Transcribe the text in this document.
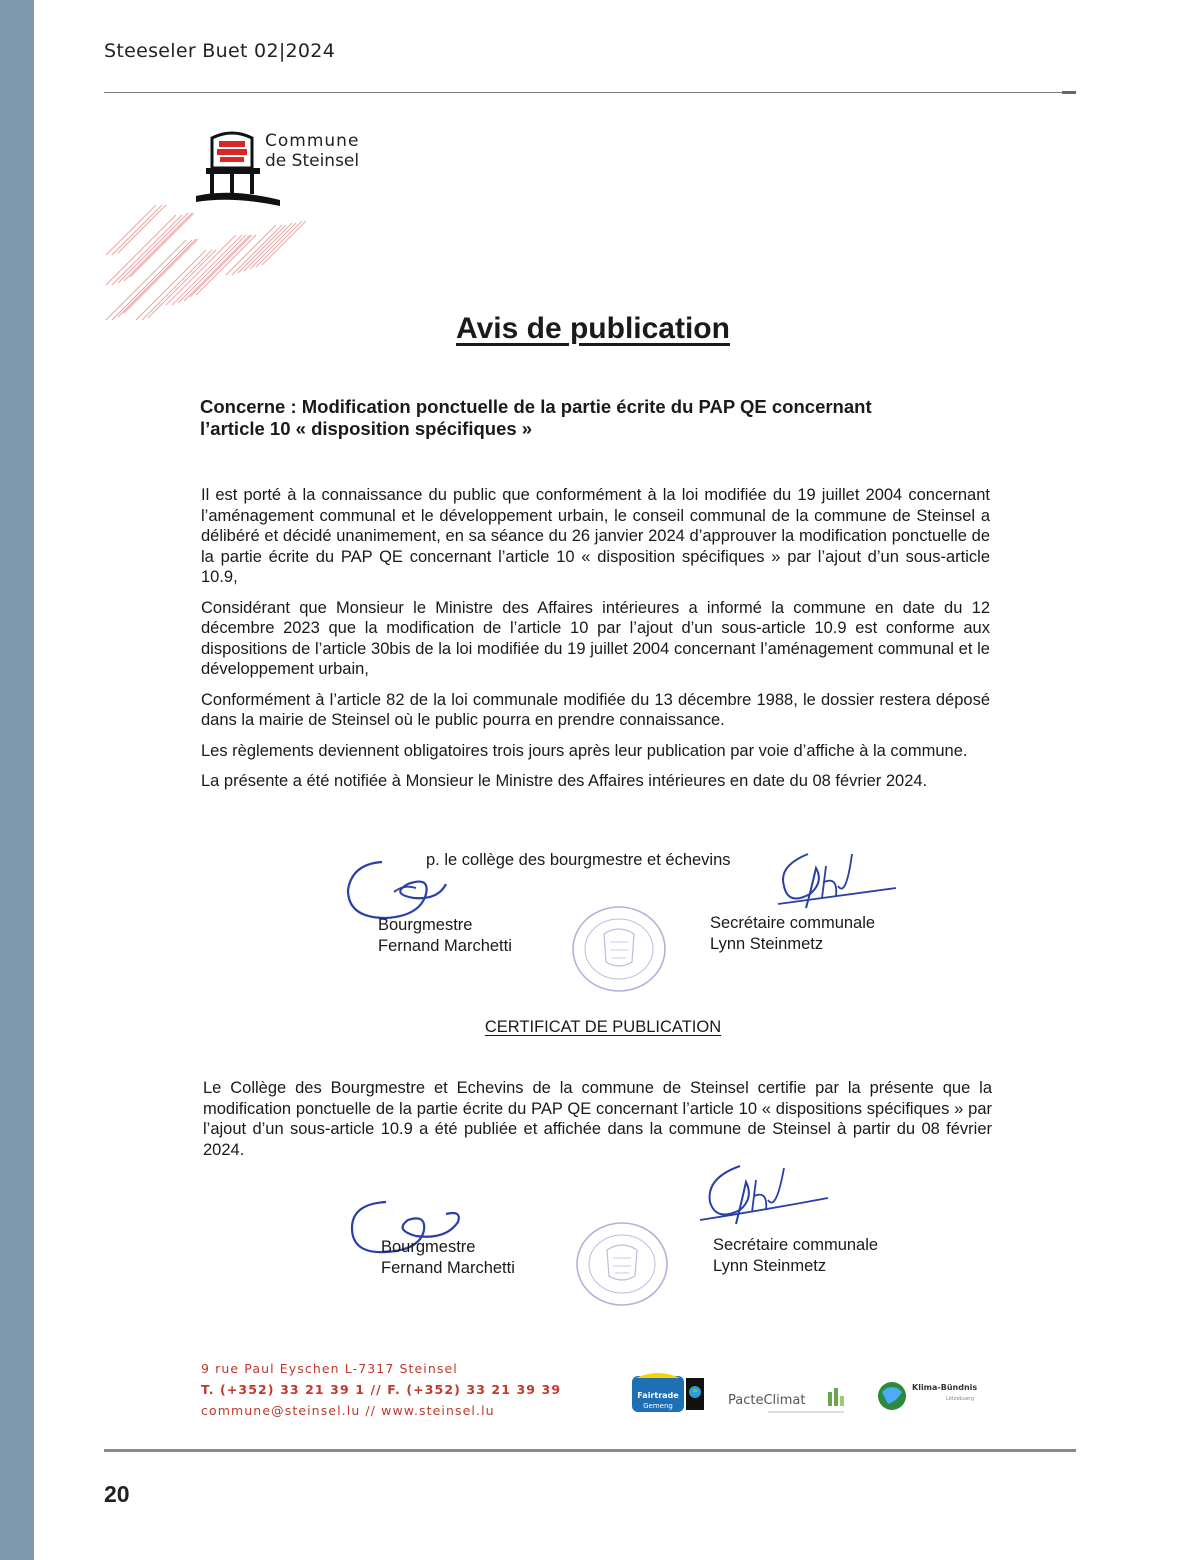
Steeseler Buet 02|2024
Commune
de Steinsel
Avis de publication
Concerne : Modification ponctuelle de la partie écrite du PAP QE concernant
l’article 10 « disposition spécifiques »

Il est porté à la connaissance du public que conformément à la loi modifiée du 19 juillet 2004 concernant l’aménagement communal et le développement urbain, le conseil communal de la commune de Steinsel a délibéré et décidé unanimement, en sa séance du 26 janvier 2024 d’approuver la modification ponctuelle de la partie écrite du PAP QE concernant l’article 10 « disposition spécifiques » par l’ajout d’un sous-article 10.9,

Considérant que Monsieur le Ministre des Affaires intérieures a informé la commune en date du 12 décembre 2023 que la modification de l’article 10 par l’ajout d’un sous-article 10.9 est conforme aux dispositions de l’article 30bis de la loi modifiée du 19 juillet 2004 concernant l’aménagement communal et le développement urbain,

Conformément à l’article 82 de la loi communale modifiée du 13 décembre 1988, le dossier restera déposé dans la mairie de Steinsel où le public pourra en prendre connaissance.

Les règlements deviennent obligatoires trois jours après leur publication par voie d’affiche à la commune.

La présente a été notifiée à Monsieur le Ministre des Affaires intérieures en date du 08 février 2024.

p. le collège des bourgmestre et échevins
Bourgmestre
Fernand Marchetti
Secrétaire communale
Lynn Steinmetz
CERTIFICAT DE PUBLICATION
Le Collège des Bourgmestre et Echevins de la commune de Steinsel certifie par la présente que la modification ponctuelle de la partie écrite du PAP QE concernant l’article 10 « dispositions spécifiques » par l’ajout d’un sous-article 10.9 a été publiée et affichée dans la commune de Steinsel à partir du 08 février 2024.
Bourgmestre
Fernand Marchetti
Secrétaire communale
Lynn Steinmetz
9 rue Paul Eyschen L-7317 Steinsel
T. (+352) 33 21 39 1 // F. (+352) 33 21 39 39
commune@steinsel.lu // www.steinsel.lu
Fairtrade
Gemeng	PacteClimat
Klima-Bündnis
Lëtzebuerg
20
